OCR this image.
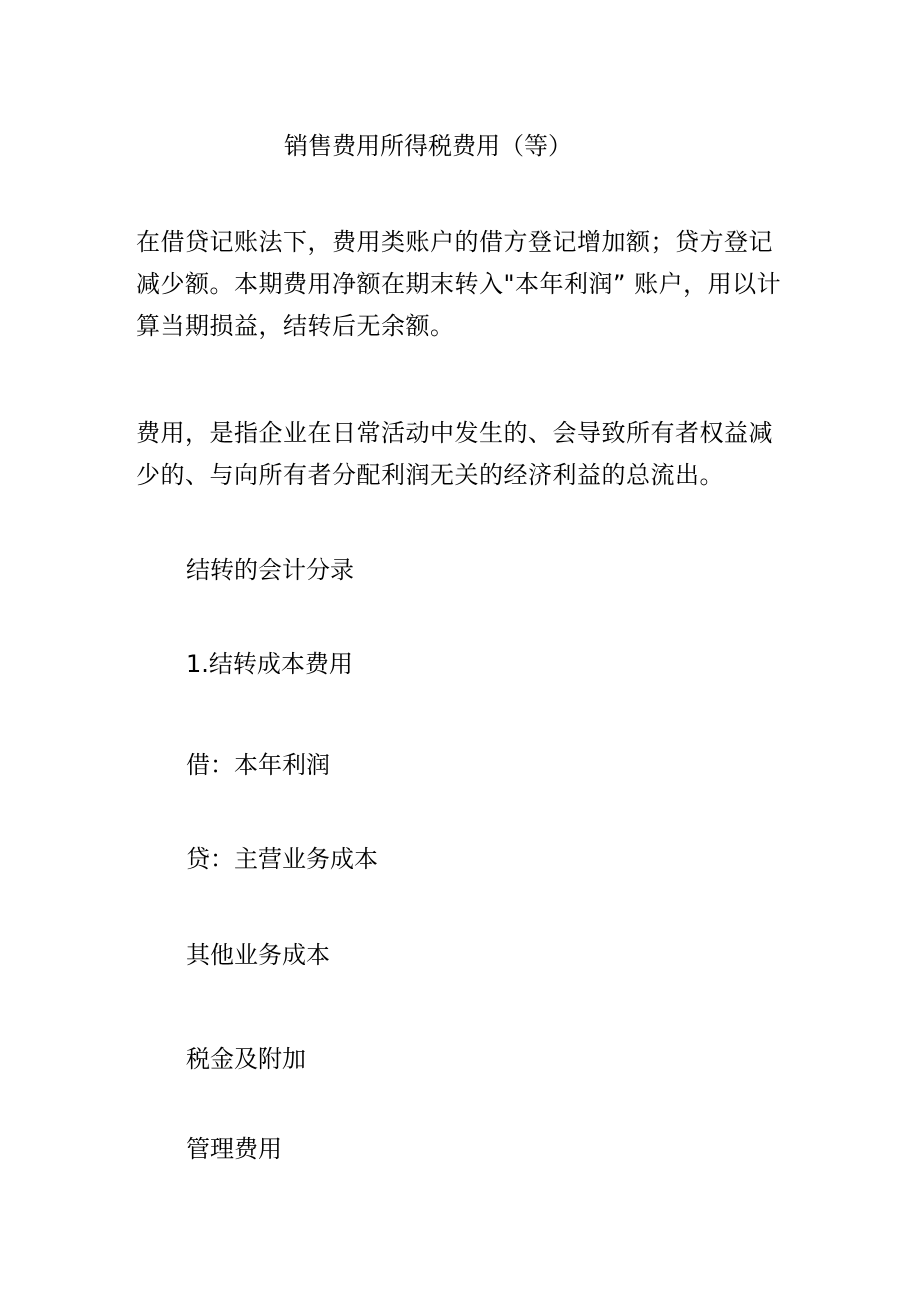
销售费用所得税费用（等）
在借贷记账法下，费用类账户的借方登记增加额；贷方登记减少额。本期费用净额在期末转入"本年利润” 账户，用以计算当期损益，结转后无余额。
费用，是指企业在日常活动中发生的、会导致所有者权益减少的、与向所有者分配利润无关的经济利益的总流出。
结转的会计分录
1.结转成本费用
借：本年利润
贷：主营业务成本
其他业务成本
税金及附加
管理费用
